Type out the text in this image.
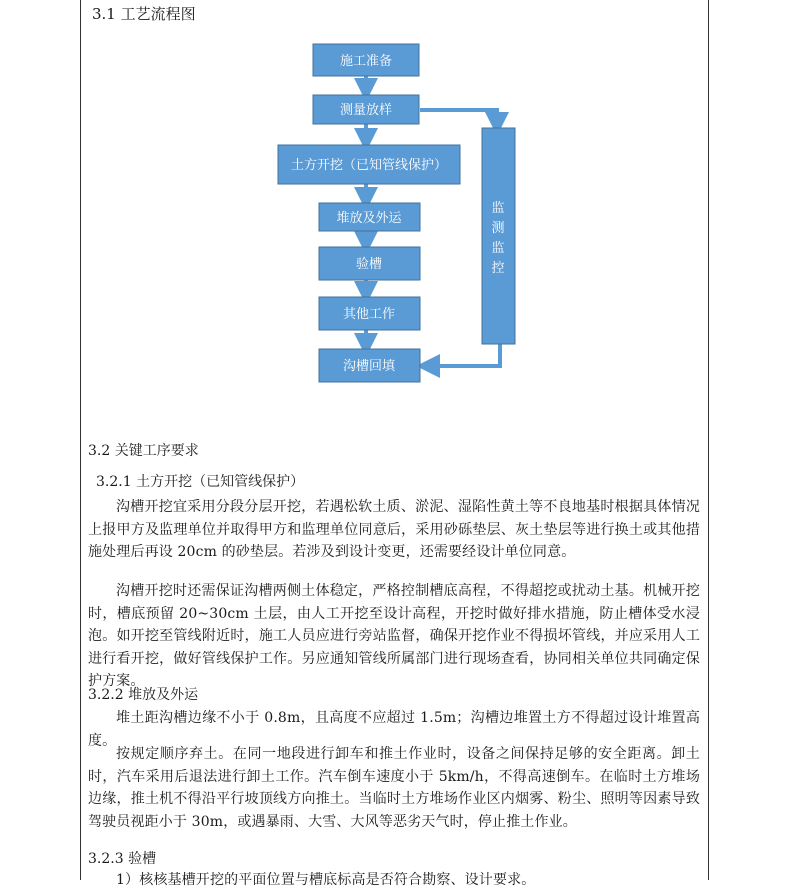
3.1 工艺流程图

施工准备
测量放样
土方开挖（已知管线保护）
堆放及外运
验槽
其他工作
沟槽回填
监
测
监
控

3.2 关键工序要求

3.2.1 土方开挖（已知管线保护）

沟槽开挖宜采用分段分层开挖，若遇松软土质、淤泥、湿陷性黄土等不良地基时根据具体情况上报甲方及监理单位并取得甲方和监理单位同意后，采用砂砾垫层、灰土垫层等进行换土或其他措施处理后再设 20cm 的砂垫层。若涉及到设计变更，还需要经设计单位同意。

沟槽开挖时还需保证沟槽两侧土体稳定，严格控制槽底高程，不得超挖或扰动土基。机械开挖时，槽底预留 20~30cm 土层，由人工开挖至设计高程，开挖时做好排水措施，防止槽体受水浸泡。如开挖至管线附近时，施工人员应进行旁站监督，确保开挖作业不得损坏管线，并应采用人工进行看开挖，做好管线保护工作。另应通知管线所属部门进行现场查看，协同相关单位共同确定保护方案。

3.2.2 堆放及外运

堆土距沟槽边缘不小于 0.8m，且高度不应超过 1.5m；沟槽边堆置土方不得超过设计堆置高度。

按规定顺序弃土。在同一地段进行卸车和推土作业时，设备之间保持足够的安全距离。卸土时，汽车采用后退法进行卸土工作。汽车倒车速度小于 5km/h，不得高速倒车。在临时土方堆场边缘，推土机不得沿平行坡顶线方向推土。当临时土方堆场作业区内烟雾、粉尘、照明等因素导致驾驶员视距小于 30m，或遇暴雨、大雪、大风等恶劣天气时，停止推土作业。

3.2.3 验槽

1）核核基槽开挖的平面位置与槽底标高是否符合勘察、设计要求。
